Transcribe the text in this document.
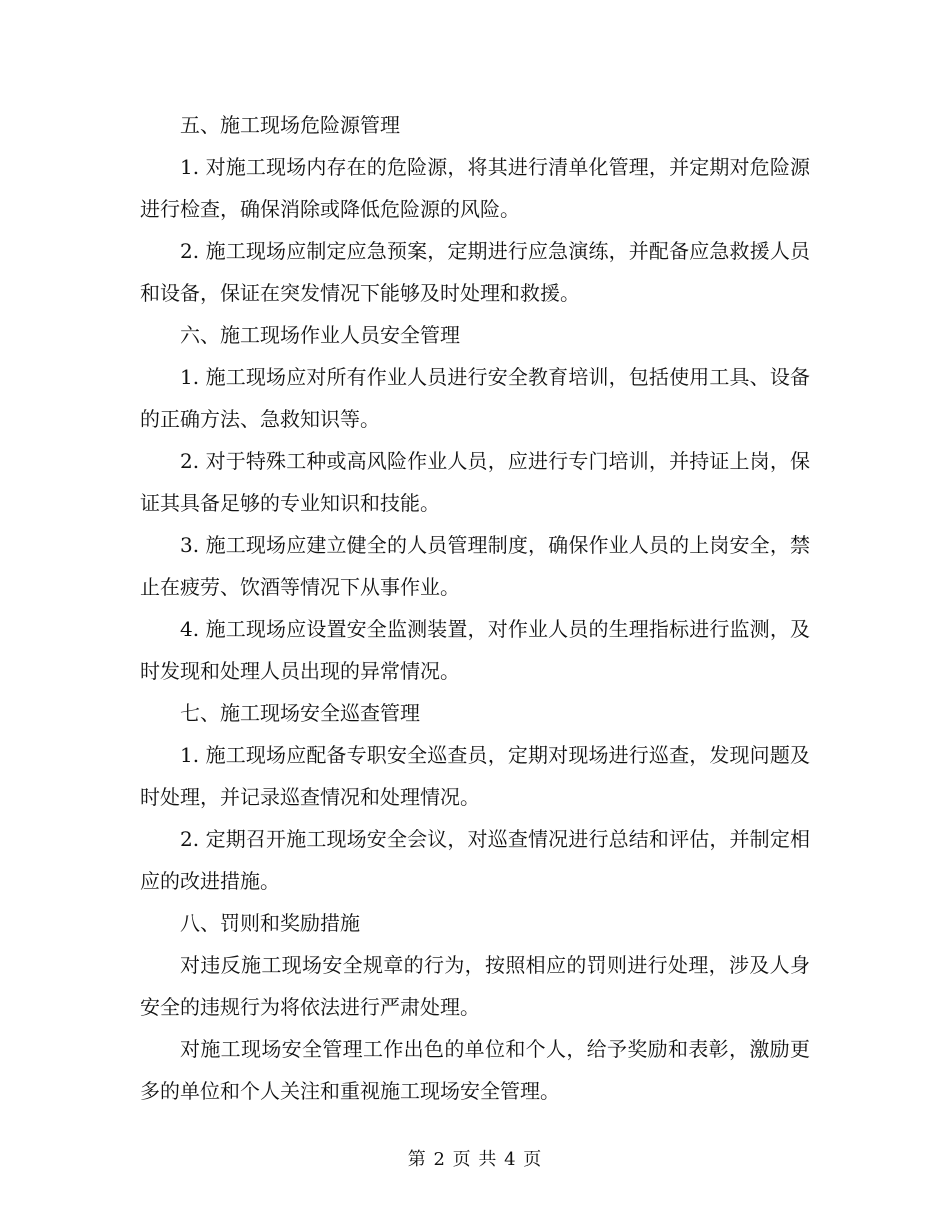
五、施工现场危险源管理

1. 对施工现场内存在的危险源，将其进行清单化管理，并定期对危险源进行检查，确保消除或降低危险源的风险。

2. 施工现场应制定应急预案，定期进行应急演练，并配备应急救援人员和设备，保证在突发情况下能够及时处理和救援。

六、施工现场作业人员安全管理

1. 施工现场应对所有作业人员进行安全教育培训，包括使用工具、设备的正确方法、急救知识等。

2. 对于特殊工种或高风险作业人员，应进行专门培训，并持证上岗，保证其具备足够的专业知识和技能。

3. 施工现场应建立健全的人员管理制度，确保作业人员的上岗安全，禁止在疲劳、饮酒等情况下从事作业。

4. 施工现场应设置安全监测装置，对作业人员的生理指标进行监测，及时发现和处理人员出现的异常情况。

七、施工现场安全巡查管理

1. 施工现场应配备专职安全巡查员，定期对现场进行巡查，发现问题及时处理，并记录巡查情况和处理情况。

2. 定期召开施工现场安全会议，对巡查情况进行总结和评估，并制定相应的改进措施。

八、罚则和奖励措施

对违反施工现场安全规章的行为，按照相应的罚则进行处理，涉及人身安全的违规行为将依法进行严肃处理。

对施工现场安全管理工作出色的单位和个人，给予奖励和表彰，激励更多的单位和个人关注和重视施工现场安全管理。

第 2 页 共 4 页
